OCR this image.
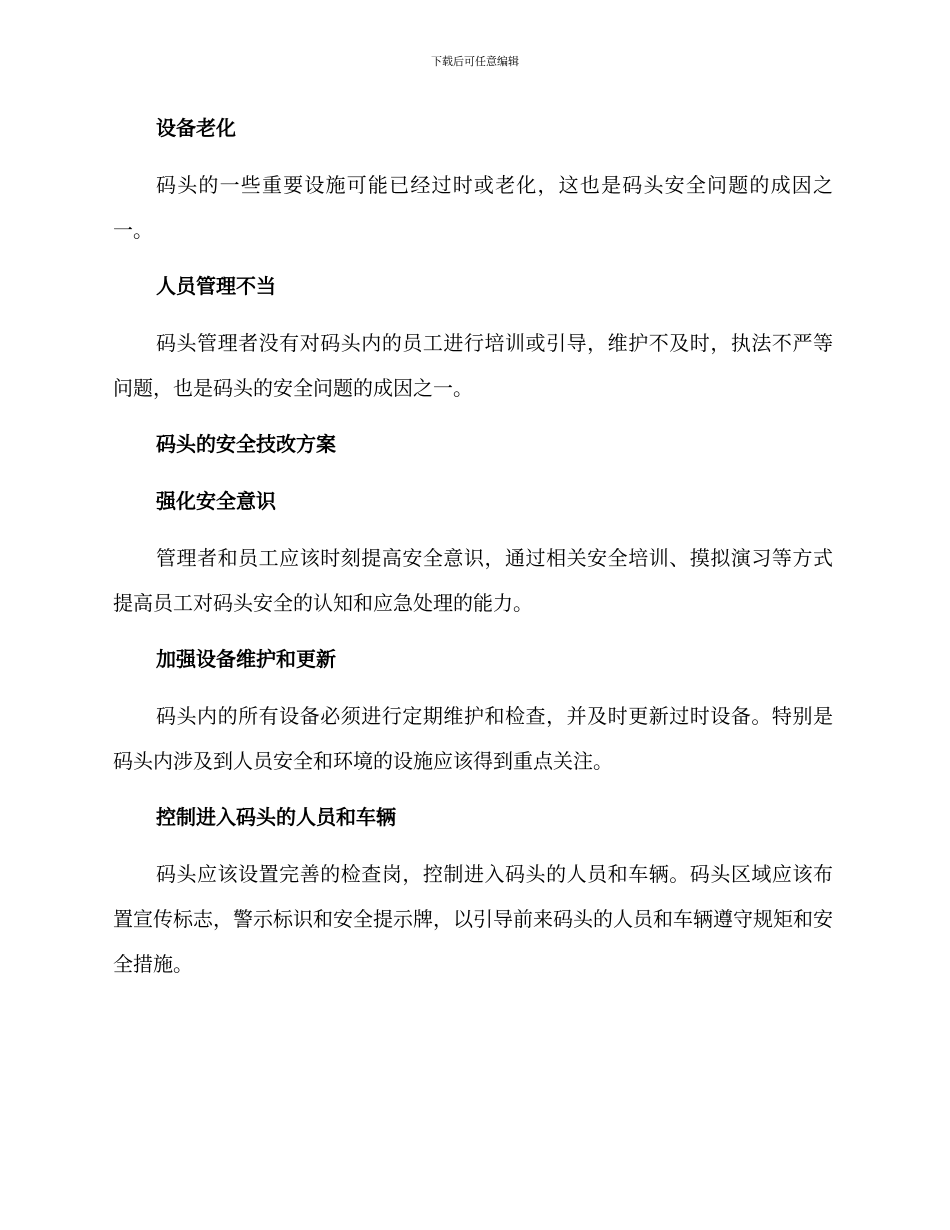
下载后可任意编辑
设备老化

码头的一些重要设施可能已经过时或老化，这也是码头安全问题的成因之一。

人员管理不当

码头管理者没有对码头内的员工进行培训或引导，维护不及时，执法不严等问题，也是码头的安全问题的成因之一。

码头的安全技改方案
强化安全意识

管理者和员工应该时刻提高安全意识，通过相关安全培训、摸拟演习等方式提高员工对码头安全的认知和应急处理的能力。

加强设备维护和更新

码头内的所有设备必须进行定期维护和检查，并及时更新过时设备。特别是码头内涉及到人员安全和环境的设施应该得到重点关注。

控制进入码头的人员和车辆

码头应该设置完善的检查岗，控制进入码头的人员和车辆。码头区域应该布置宣传标志，警示标识和安全提示牌，以引导前来码头的人员和车辆遵守规矩和安全措施。
